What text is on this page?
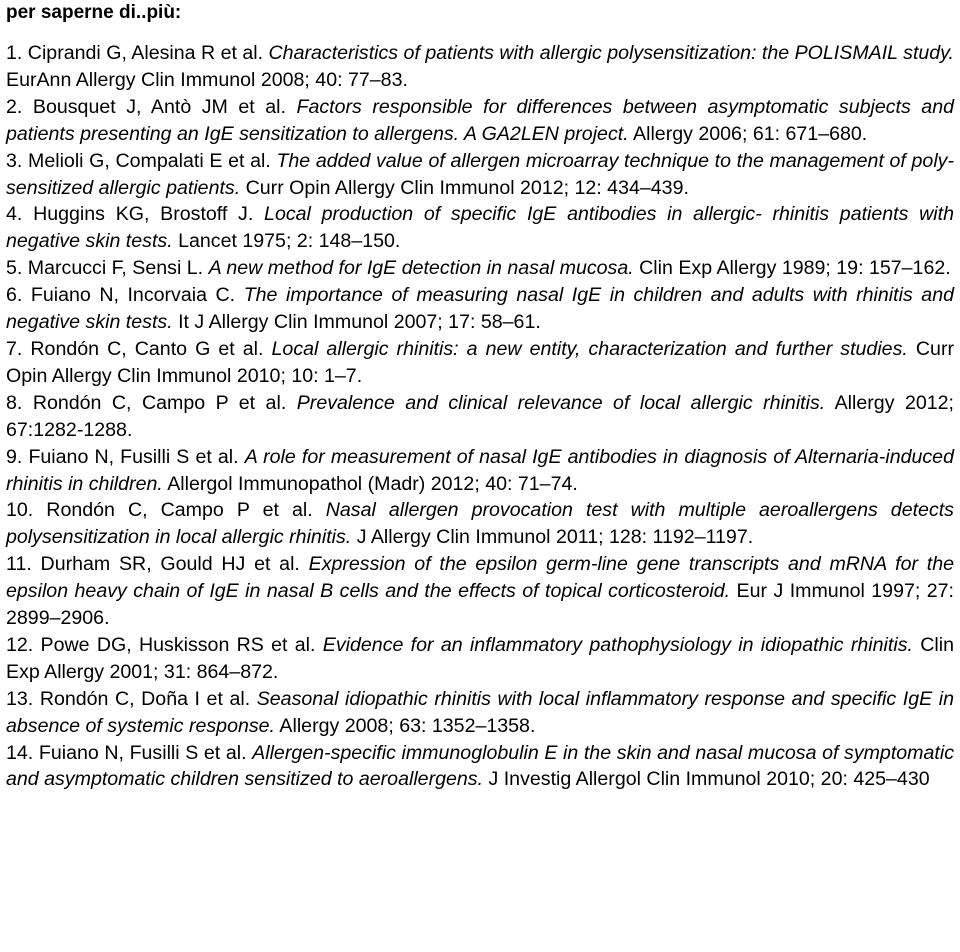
per saperne di..più:

1. Ciprandi G, Alesina R et al. Characteristics of patients with allergic polysensitization: the POLISMAIL study. EurAnn Allergy Clin Immunol 2008; 40: 77–83.
2. Bousquet J, Antò JM et al. Factors responsible for differences between asymptomatic subjects and patients presenting an IgE sensitization to allergens. A GA2LEN project. Allergy 2006; 61: 671–680.
3. Melioli G, Compalati E et al. The added value of allergen microarray technique to the management of poly-sensitized allergic patients. Curr Opin Allergy Clin Immunol 2012; 12: 434–439.
4. Huggins KG, Brostoff J. Local production of specific IgE antibodies in allergic- rhinitis patients with negative skin tests. Lancet 1975; 2: 148–150.
5. Marcucci F, Sensi L. A new method for IgE detection in nasal mucosa. Clin Exp Allergy 1989; 19: 157–162.
6. Fuiano N, Incorvaia C. The importance of measuring nasal IgE in children and adults with rhinitis and negative skin tests. It J Allergy Clin Immunol 2007; 17: 58–61.
7. Rondón C, Canto G et al. Local allergic rhinitis: a new entity, characterization and further studies. Curr Opin Allergy Clin Immunol 2010; 10: 1–7.
8. Rondón C, Campo P et al. Prevalence and clinical relevance of local allergic rhinitis. Allergy 2012; 67:1282-1288.
9. Fuiano N, Fusilli S et al. A role for measurement of nasal IgE antibodies in diagnosis of Alternaria-induced rhinitis in children. Allergol Immunopathol (Madr) 2012; 40: 71–74.
10. Rondón C, Campo P et al. Nasal allergen provocation test with multiple aeroallergens detects polysensitization in local allergic rhinitis. J Allergy Clin Immunol 2011; 128: 1192–1197.
11. Durham SR, Gould HJ et al. Expression of the epsilon germ-line gene transcripts and mRNA for the epsilon heavy chain of IgE in nasal B cells and the effects of topical corticosteroid. Eur J Immunol 1997; 27: 2899–2906.
12. Powe DG, Huskisson RS et al. Evidence for an inflammatory pathophysiology in idiopathic rhinitis. Clin Exp Allergy 2001; 31: 864–872.
13. Rondón C, Doña I et al. Seasonal idiopathic rhinitis with local inflammatory response and specific IgE in absence of systemic response. Allergy 2008; 63: 1352–1358.
14. Fuiano N, Fusilli S et al. Allergen-specific immunoglobulin E in the skin and nasal mucosa of symptomatic and asymptomatic children sensitized to aeroallergens. J Investig Allergol Clin Immunol 2010; 20: 425–430
